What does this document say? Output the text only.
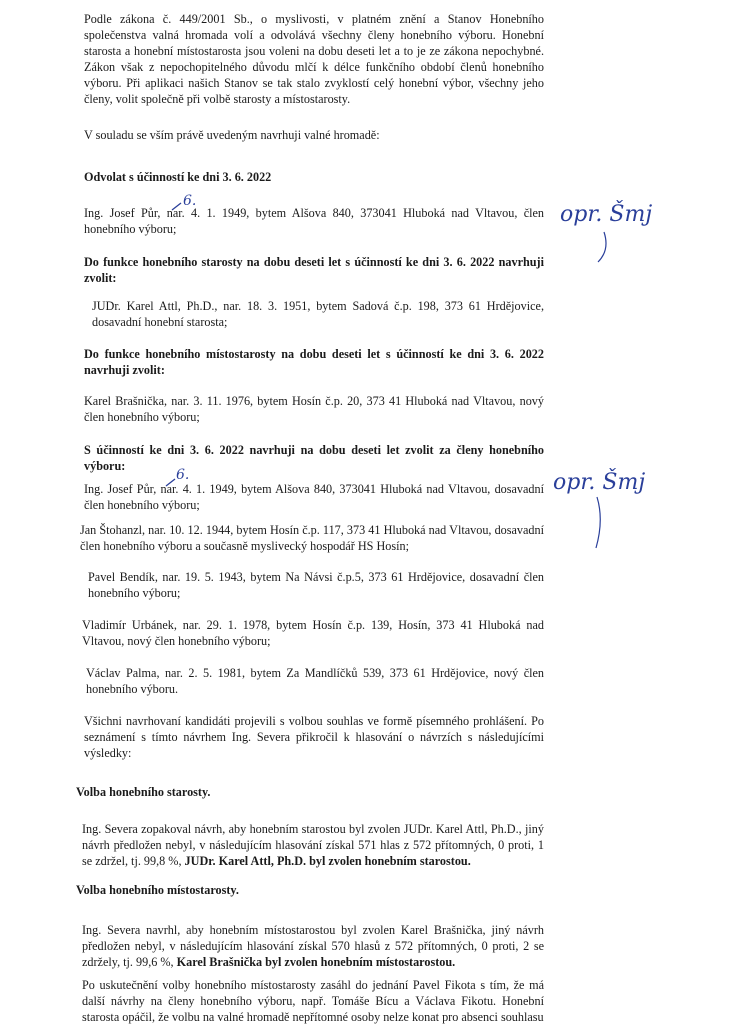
Podle zákona č. 449/2001 Sb., o myslivosti, v platném znění a Stanov Honebního společenstva valná hromada volí a odvolává všechny členy honebního výboru. Honební starosta a honební místostarosta jsou voleni na dobu deseti let a to je ze zákona nepochybné. Zákon však z nepochopitelného důvodu mlčí k délce funkčního období členů honebního výboru. Při aplikaci našich Stanov se tak stalo zvyklostí celý honební výbor, všechny jeho členy, volit společně při volbě starosty a místostarosty.

V souladu se vším právě uvedeným navrhuji valné hromadě:

Odvolat s účinností ke dni 3. 6. 2022

Ing. Josef Půr, nar. 4. 1. 1949, bytem Alšova 840, 373041 Hluboká nad Vltavou, člen honebního výboru;

Do funkce honebního starosty na dobu deseti let s účinností ke dni 3. 6. 2022 navrhuji zvolit:

JUDr. Karel Attl, Ph.D., nar. 18. 3. 1951, bytem Sadová č.p. 198, 373 61 Hrdějovice, dosavadní honební starosta;

Do funkce honebního místostarosty na dobu deseti let s účinností ke dni 3. 6. 2022 navrhuji zvolit:

Karel Brašnička, nar. 3. 11. 1976, bytem Hosín č.p. 20, 373 41 Hluboká nad Vltavou, nový člen honebního výboru;

S účinností ke dni 3. 6. 2022 navrhuji na dobu deseti let zvolit za členy honebního výboru:

Ing. Josef Půr, nar. 4. 1. 1949, bytem Alšova 840, 373041 Hluboká nad Vltavou, dosavadní člen honebního výboru;

Jan Štohanzl, nar. 10. 12. 1944, bytem Hosín č.p. 117, 373 41 Hluboká nad Vltavou, dosavadní člen honebního výboru a současně myslivecký hospodář HS Hosín;

Pavel Bendík, nar. 19. 5. 1943, bytem Na Návsi č.p.5, 373 61 Hrdějovice, dosavadní člen honebního výboru;

Vladimír Urbánek, nar. 29. 1. 1978, bytem Hosín č.p. 139, Hosín, 373 41 Hluboká nad Vltavou, nový člen honebního výboru;

Václav Palma, nar. 2. 5. 1981, bytem Za Mandlíčků 539, 373 61 Hrdějovice, nový člen honebního výboru.

Všichni navrhovaní kandidáti projevili s volbou souhlas ve formě písemného prohlášení. Po seznámení s tímto návrhem Ing. Severa přikročil k hlasování o návrzích s následujícími výsledky:

Volba honebního starosty.

Ing. Severa zopakoval návrh, aby honebním starostou byl zvolen JUDr. Karel Attl, Ph.D., jiný návrh předložen nebyl, v následujícím hlasování získal 571 hlas z 572 přítomných, 0 proti, 1 se zdržel, tj. 99,8 %, JUDr. Karel Attl, Ph.D. byl zvolen honebním starostou.

Volba honebního místostarosty.

Ing. Severa navrhl, aby honebním místostarostou byl zvolen Karel Brašnička, jiný návrh předložen nebyl, v následujícím hlasování získal 570 hlasů z 572 přítomných, 0 proti, 2 se zdržely, tj. 99,6 %, Karel Brašnička byl zvolen honebním místostarostou.

Po uskutečnění volby honebního místostarosty zasáhl do jednání Pavel Fikota s tím, že má další návrhy na členy honebního výboru, např. Tomáše Bícu a Václava Fikotu. Honební starosta opáčil, že volbu na valné hromadě nepřítomné osoby nelze konat pro absenci souhlasu

6.
opr. Šmj
6.	opr. Šmj
